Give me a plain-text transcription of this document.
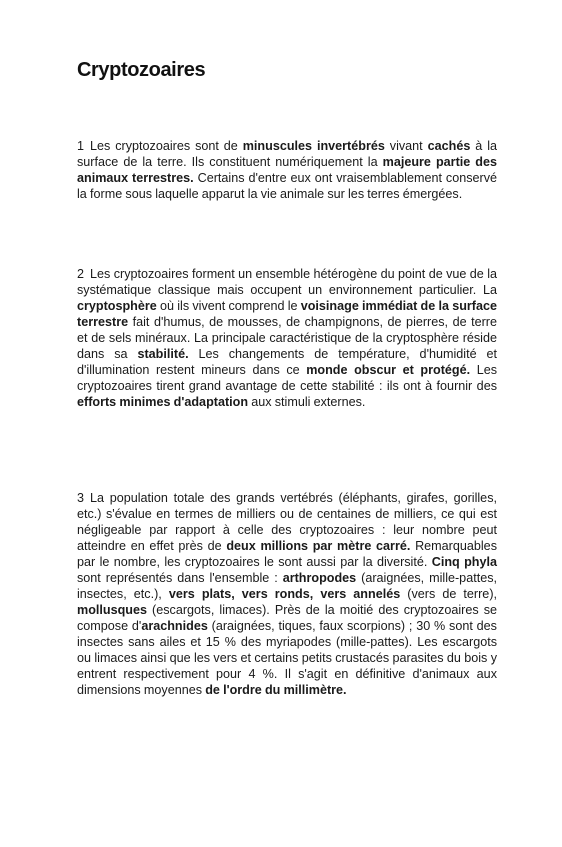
Cryptozoaires

1 Les cryptozoaires sont de minuscules invertébrés vivant cachés à la surface de la terre. Ils constituent numériquement la majeure partie des animaux terrestres. Certains d'entre eux ont vraisemblablement conservé la forme sous laquelle apparut la vie animale sur les terres émergées.

2 Les cryptozoaires forment un ensemble hétérogène du point de vue de la systématique classique mais occupent un environnement particulier. La cryptosphère où ils vivent comprend le voisinage immédiat de la surface terrestre fait d'humus, de mousses, de champignons, de pierres, de terre et de sels minéraux. La principale caractéristique de la cryptosphère réside dans sa stabilité. Les changements de température, d'humidité et d'illumination restent mineurs dans ce monde obscur et protégé. Les cryptozoaires tirent grand avantage de cette stabilité : ils ont à fournir des efforts minimes d'adaptation aux stimuli externes.

3 La population totale des grands vertébrés (éléphants, girafes, gorilles, etc.) s'évalue en termes de milliers ou de centaines de milliers, ce qui est négligeable par rapport à celle des cryptozoaires : leur nombre peut atteindre en effet près de deux millions par mètre carré. Remarquables par le nombre, les cryptozoaires le sont aussi par la diversité. Cinq phyla sont représentés dans l'ensemble : arthropodes (araignées, mille-pattes, insectes, etc.), vers plats, vers ronds, vers annelés (vers de terre), mollusques (escargots, limaces). Près de la moitié des cryptozoaires se compose d'arachnides (araignées, tiques, faux scorpions) ; 30 % sont des insectes sans ailes et 15 % des myriapodes (mille-pattes). Les escargots ou limaces ainsi que les vers et certains petits crustacés parasites du bois y entrent respectivement pour 4 %. Il s'agit en définitive d'animaux aux dimensions moyennes de l'ordre du millimètre.
